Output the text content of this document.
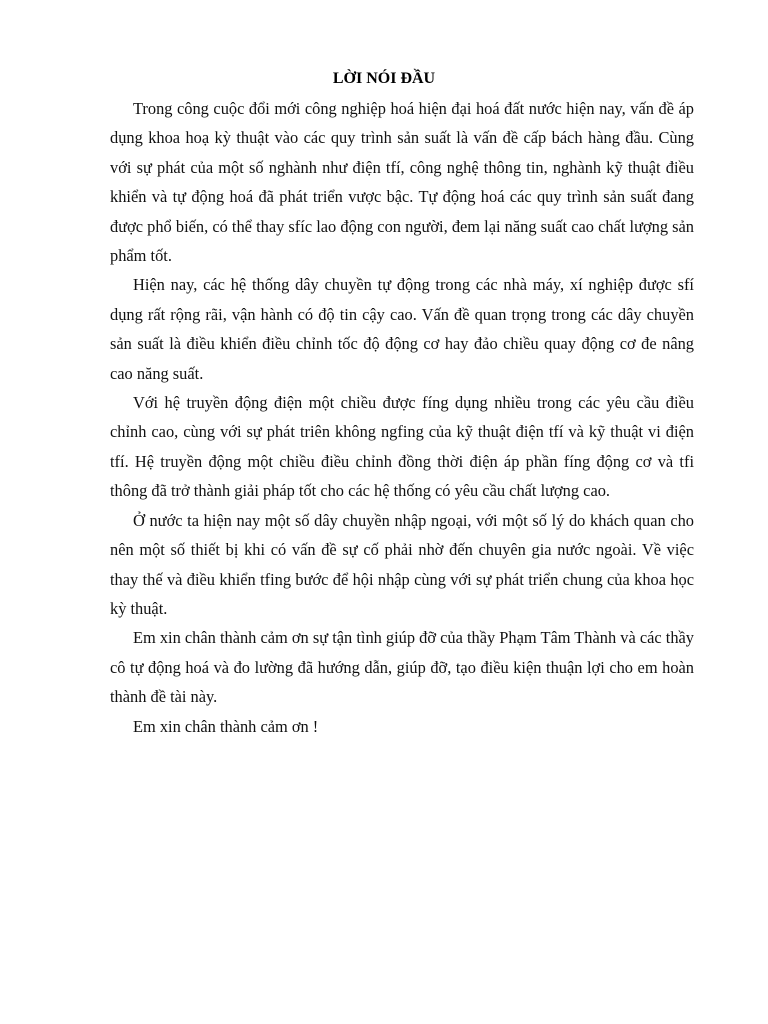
LỜI NÓI ĐẦU

Trong công cuộc đổi mới công nghiệp hoá hiện đại hoá đất nước hiện nay, vấn đề áp dụng khoa hoạ kỳ thuật vào các quy trình sản suất là vấn đề cấp bách hàng đầu. Cùng với sự phát của một số nghành như điện tfí, công nghệ thông tin, nghành kỹ thuật điều khiển và tự động hoá đã phát triển vược bậc. Tự động hoá các quy trình sản suất đang được phổ biến, có thể thay sfíc lao động con người, đem lại năng suất cao chất lượng sản phẩm tốt.

Hiện nay, các hệ thống dây chuyền tự động trong các nhà máy, xí nghiệp được sfí dụng rất rộng rãi, vận hành có độ tin cậy cao. Vấn đề quan trọng trong các dây chuyền sản suất là điều khiển điều chỉnh tốc độ động cơ hay đảo chiều quay động cơ đe nâng cao năng suất.

Với hệ truyền động điện một chiều được fíng dụng nhiều trong các yêu cầu điều chỉnh cao, cùng với sự phát triên không ngfing của kỹ thuật điện tfí và kỹ thuật vi điện tfí. Hệ truyền động một chiều điều chỉnh đồng thời điện áp phần fíng động cơ và tfi thông đã trở thành giải pháp tốt cho các hệ thống có yêu cầu chất lượng cao.

Ở nước ta hiện nay một số dây chuyền nhập ngoại, với một số lý do khách quan cho nên một số thiết bị khi có vấn đề sự cố phải nhờ đến chuyên gia nước ngoài. Về việc thay thế và điều khiển tfing bước để hội nhập cùng với sự phát triển chung của khoa học kỳ thuật.

Em xin chân thành cảm ơn sự tận tình giúp đỡ của thầy Phạm Tâm Thành và các thầy cô tự động hoá và đo lường đã hướng dẫn, giúp đỡ, tạo điều kiện thuận lợi cho em hoàn thành đề tài này.

Em xin chân thành cảm ơn !
